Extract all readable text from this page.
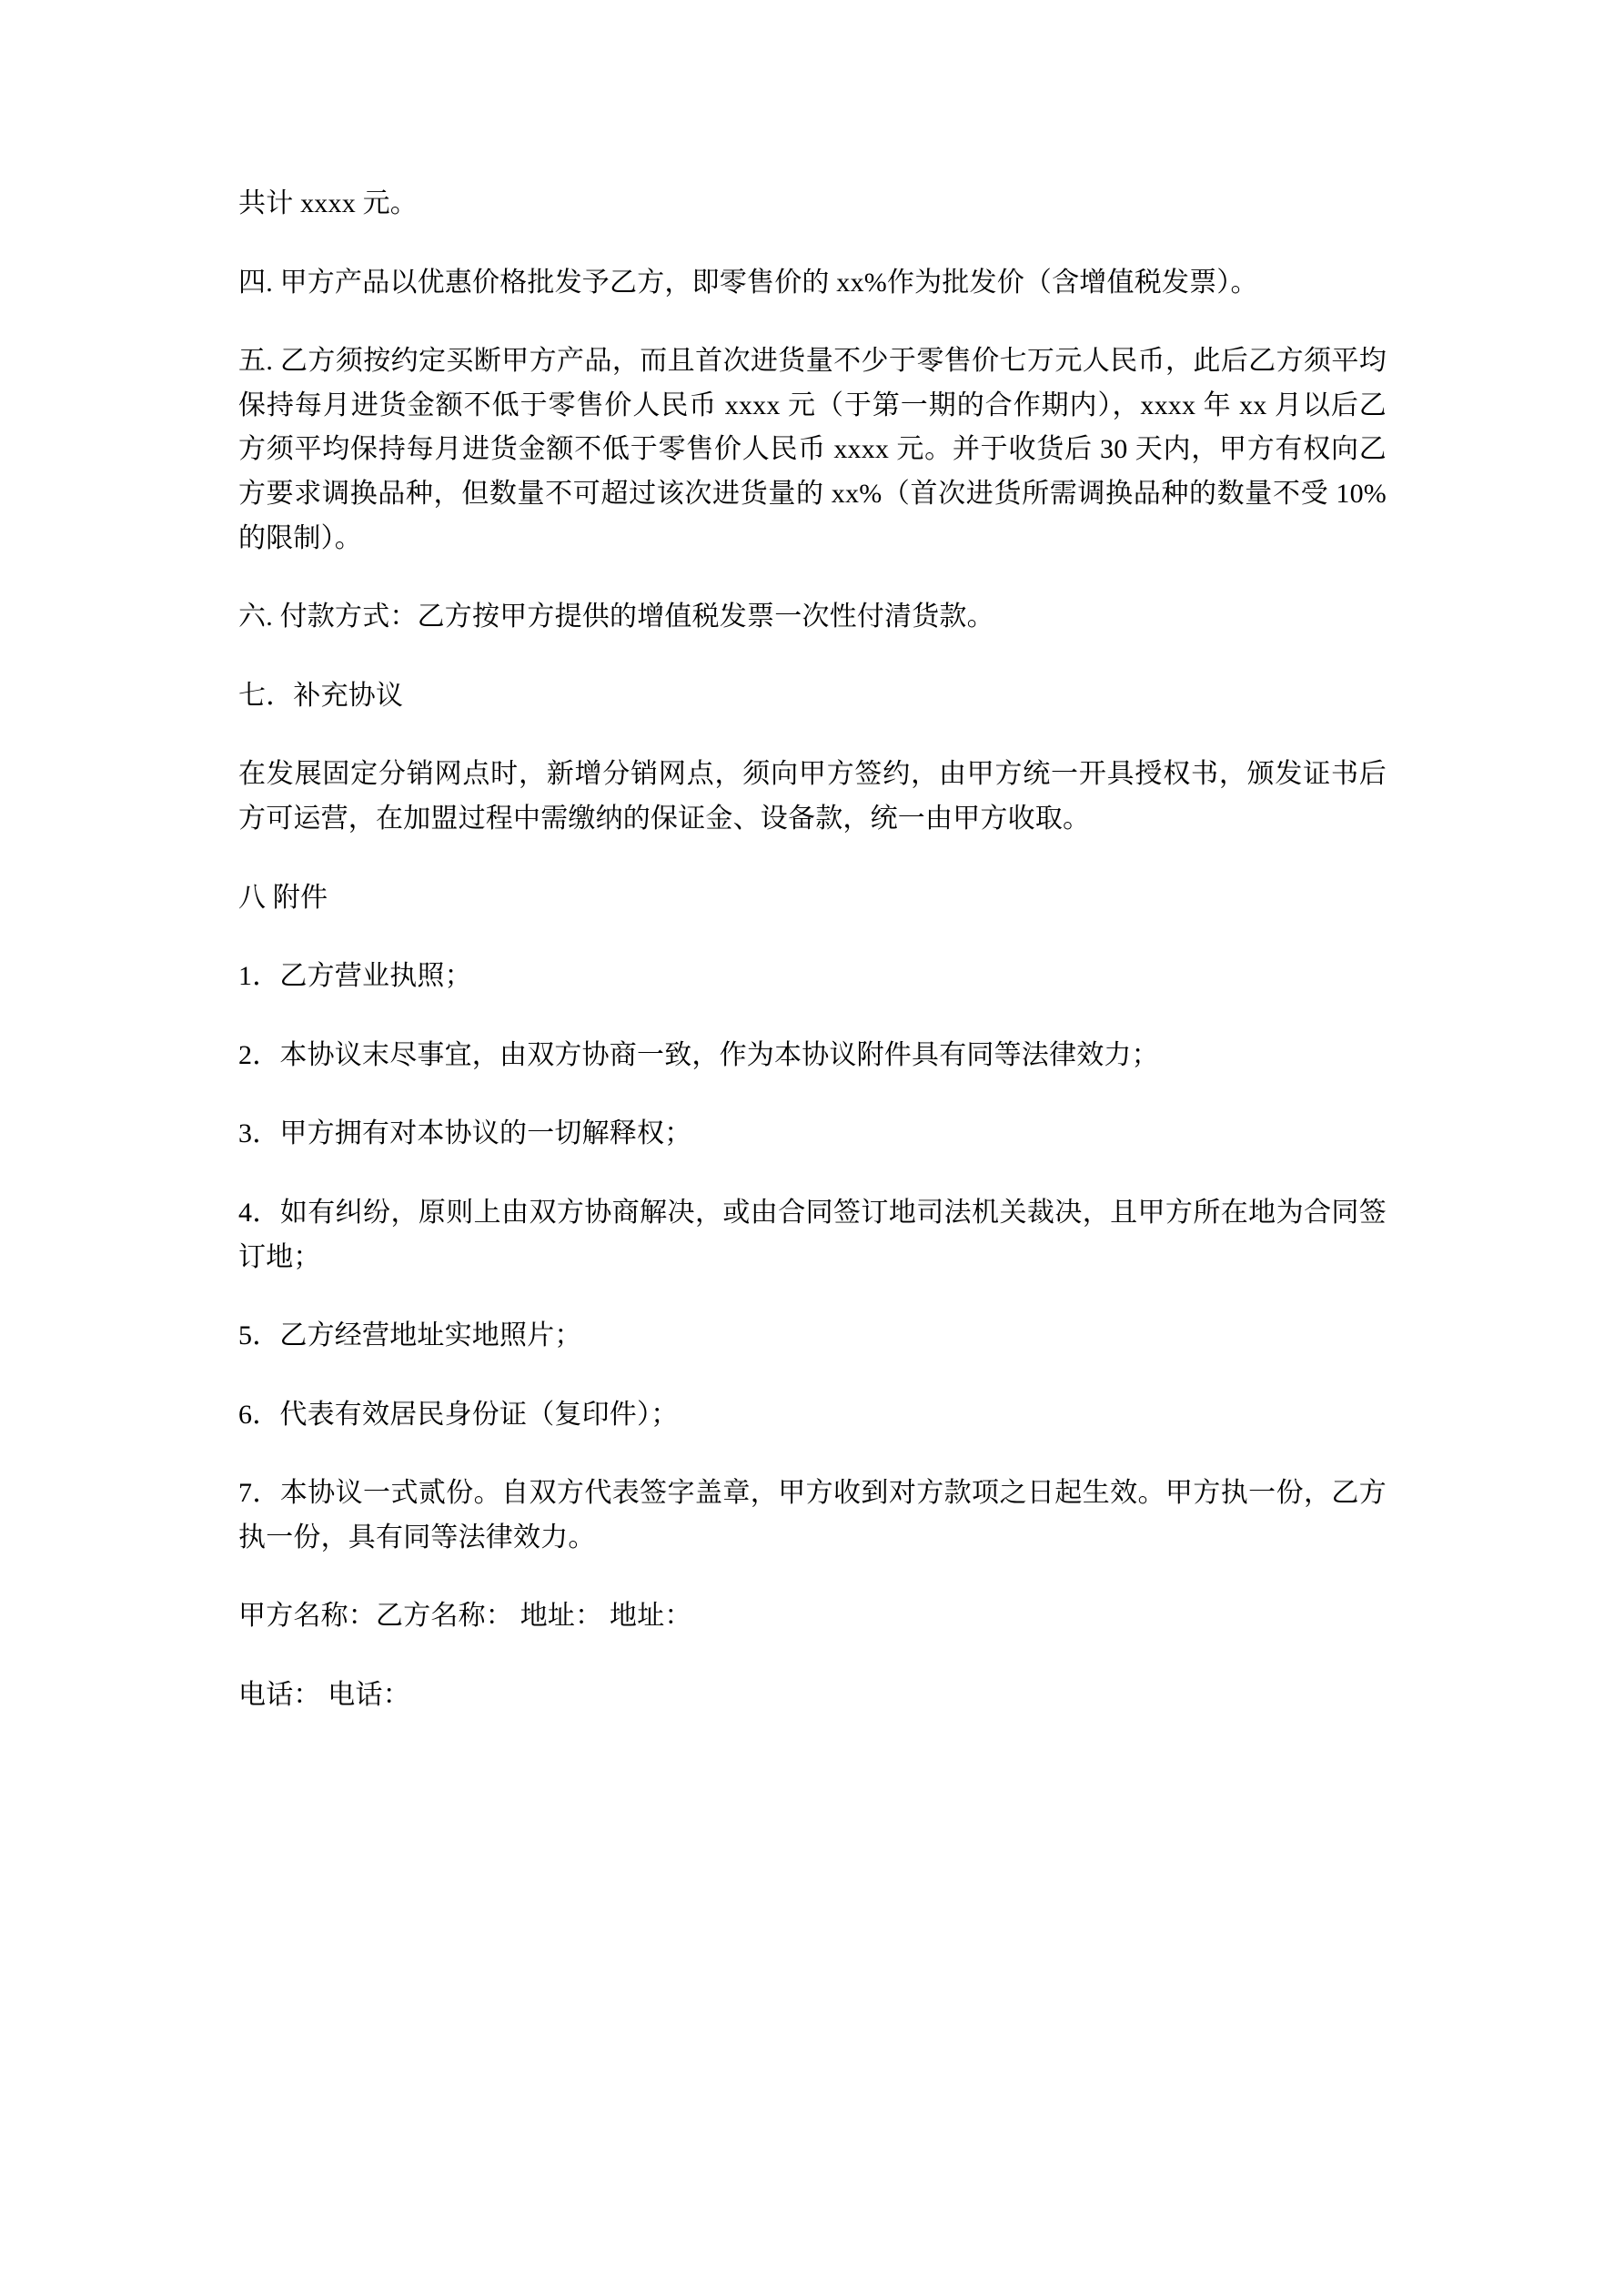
共计 xxxx 元。

四. 甲方产品以优惠价格批发予乙方，即零售价的 xx%作为批发价（含增值税发票）。

五. 乙方须按约定买断甲方产品，而且首次进货量不少于零售价七万元人民币，此后乙方须平均保持每月进货金额不低于零售价人民币 xxxx 元（于第一期的合作期内），xxxx 年 xx 月以后乙方须平均保持每月进货金额不低于零售价人民币 xxxx 元。并于收货后 30 天内，甲方有权向乙方要求调换品种，但数量不可超过该次进货量的 xx%（首次进货所需调换品种的数量不受 10%的限制）。

六. 付款方式：乙方按甲方提供的增值税发票一次性付清货款。

七．补充协议

在发展固定分销网点时，新增分销网点，须向甲方签约，由甲方统一开具授权书，颁发证书后方可运营，在加盟过程中需缴纳的保证金、设备款，统一由甲方收取。

八 附件

1．乙方营业执照；

2．本协议末尽事宜，由双方协商一致，作为本协议附件具有同等法律效力；

3．甲方拥有对本协议的一切解释权；

4．如有纠纷，原则上由双方协商解决，或由合同签订地司法机关裁决，且甲方所在地为合同签订地；

5．乙方经营地址实地照片；

6．代表有效居民身份证（复印件）；

7．本协议一式贰份。自双方代表签字盖章，甲方收到对方款项之日起生效。甲方执一份，乙方执一份，具有同等法律效力。

甲方名称：乙方名称： 地址： 地址：

电话： 电话：
